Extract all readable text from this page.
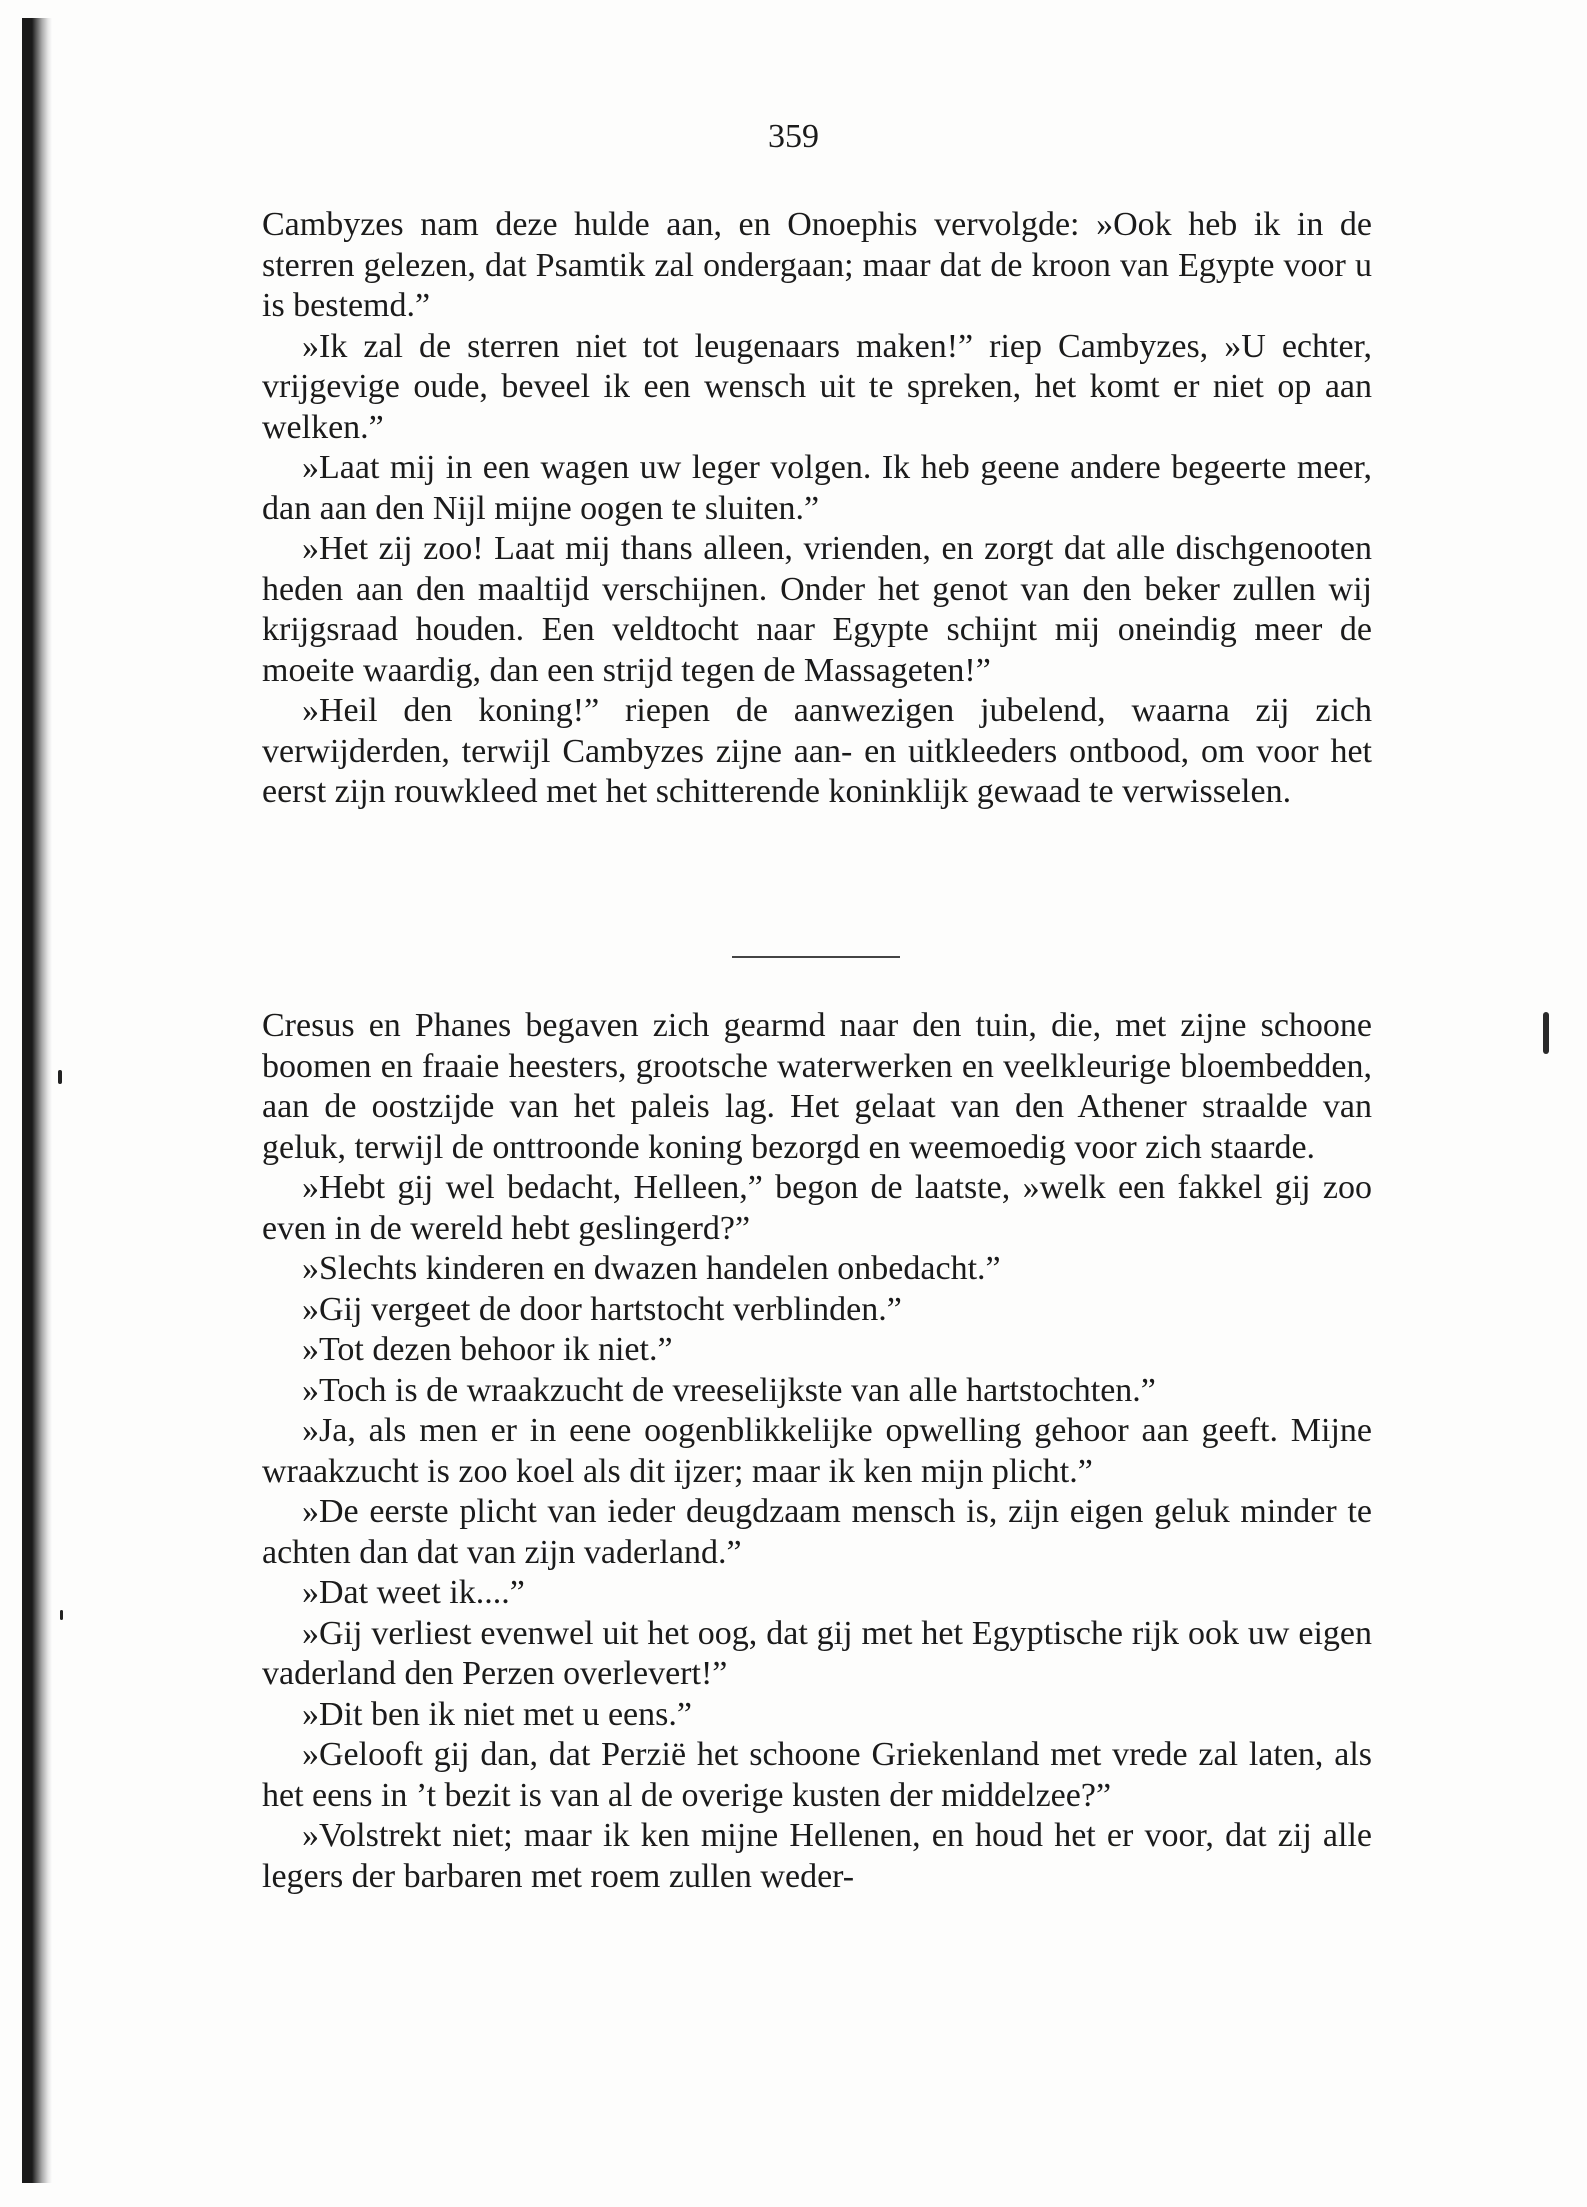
359

Cambyzes nam deze hulde aan, en Onoephis vervolgde: »Ook heb ik in de sterren gelezen, dat Psamtik zal ondergaan; maar dat de kroon van Egypte voor u is bestemd.”

»Ik zal de sterren niet tot leugenaars maken!” riep Cambyzes, »U echter, vrijgevige oude, beveel ik een wensch uit te spreken, het komt er niet op aan welken.”

»Laat mij in een wagen uw leger volgen. Ik heb geene andere begeerte meer, dan aan den Nijl mijne oogen te sluiten.”

»Het zij zoo! Laat mij thans alleen, vrienden, en zorgt dat alle dischgenooten heden aan den maaltijd verschijnen. Onder het genot van den beker zullen wij krijgsraad houden. Een veldtocht naar Egypte schijnt mij oneindig meer de moeite waardig, dan een strijd tegen de Massageten!”

»Heil den koning!” riepen de aanwezigen jubelend, waarna zij zich verwijderden, terwijl Cambyzes zijne aan- en uitkleeders ontbood, om voor het eerst zijn rouwkleed met het schitterende koninklijk gewaad te verwisselen.

Cresus en Phanes begaven zich gearmd naar den tuin, die, met zijne schoone boomen en fraaie heesters, grootsche waterwerken en veelkleurige bloembedden, aan de oostzijde van het paleis lag. Het gelaat van den Athener straalde van geluk, terwijl de onttroonde koning bezorgd en weemoedig voor zich staarde.

»Hebt gij wel bedacht, Helleen,” begon de laatste, »welk een fakkel gij zoo even in de wereld hebt geslingerd?”

»Slechts kinderen en dwazen handelen onbedacht.”

»Gij vergeet de door hartstocht verblinden.”

»Tot dezen behoor ik niet.”

»Toch is de wraakzucht de vreeselijkste van alle hartstochten.”

»Ja, als men er in eene oogenblikkelijke opwelling gehoor aan geeft. Mijne wraakzucht is zoo koel als dit ijzer; maar ik ken mijn plicht.”

»De eerste plicht van ieder deugdzaam mensch is, zijn eigen geluk minder te achten dan dat van zijn vaderland.”

»Dat weet ik....”

»Gij verliest evenwel uit het oog, dat gij met het Egyptische rijk ook uw eigen vaderland den Perzen overlevert!”

»Dit ben ik niet met u eens.”

»Gelooft gij dan, dat Perzië het schoone Griekenland met vrede zal laten, als het eens in ’t bezit is van al de overige kusten der middelzee?”

»Volstrekt niet; maar ik ken mijne Hellenen, en houd het er voor, dat zij alle legers der barbaren met roem zullen weder-
